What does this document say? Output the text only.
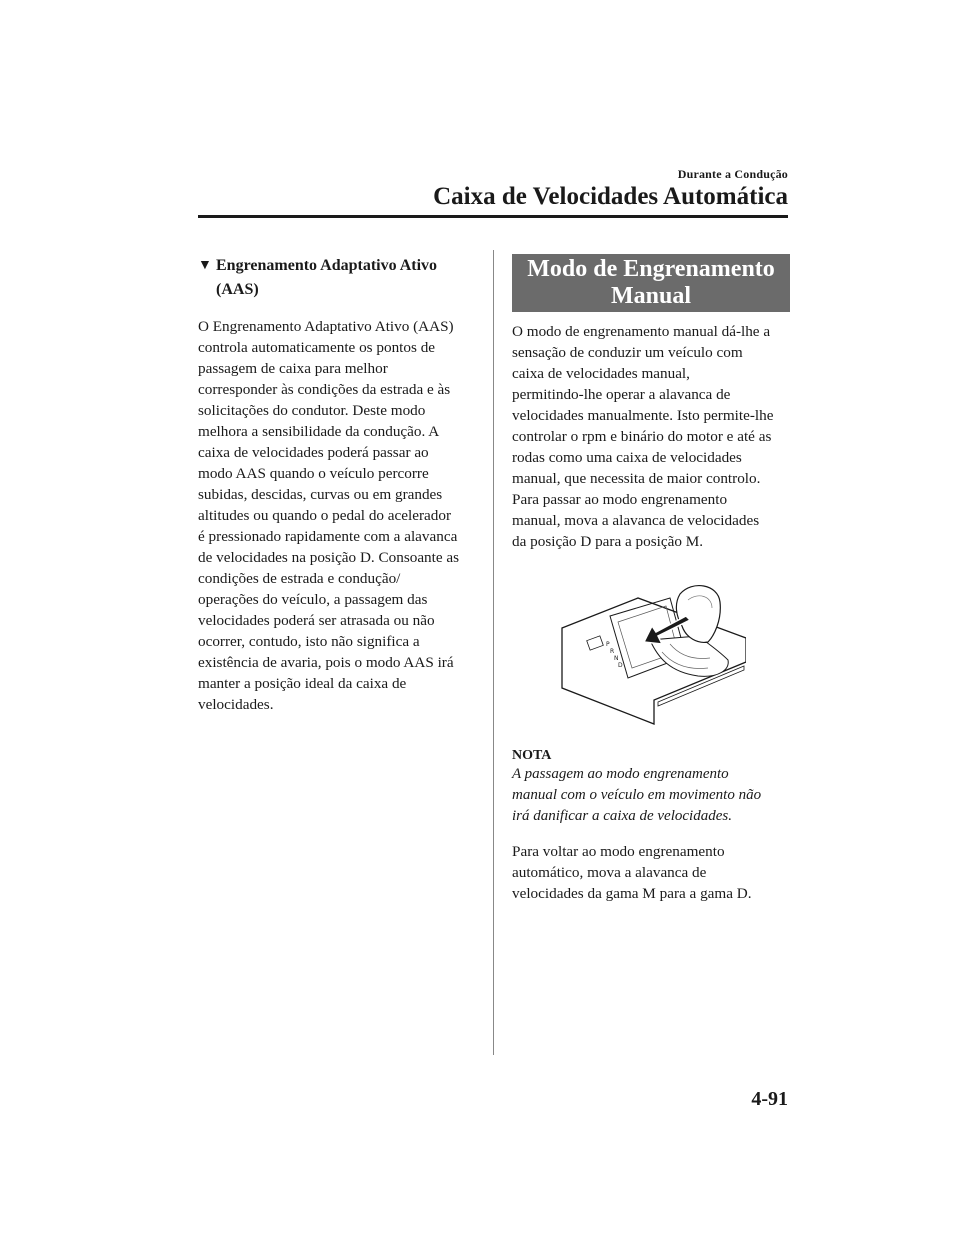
Durante a Condução
Caixa de Velocidades Automática
▼ Engrenamento Adaptativo Ativo
(AAS)

O Engrenamento Adaptativo Ativo (AAS)
controla automaticamente os pontos de
passagem de caixa para melhor
corresponder às condições da estrada e às
solicitações do condutor. Deste modo
melhora a sensibilidade da condução. A
caixa de velocidades poderá passar ao
modo AAS quando o veículo percorre
subidas, descidas, curvas ou em grandes
altitudes ou quando o pedal do acelerador
é pressionado rapidamente com a alavanca
de velocidades na posição D. Consoante as
condições de estrada e condução/
operações do veículo, a passagem das
velocidades poderá ser atrasada ou não
ocorrer, contudo, isto não significa a
existência de avaria, pois o modo AAS irá
manter a posição ideal da caixa de
velocidades.

Modo de Engrenamento
Manual

O modo de engrenamento manual dá-lhe a
sensação de conduzir um veículo com
caixa de velocidades manual,
permitindo-lhe operar a alavanca de
velocidades manualmente. Isto permite-lhe
controlar o rpm e binário do motor e até as
rodas como uma caixa de velocidades
manual, que necessita de maior controlo.
Para passar ao modo engrenamento
manual, mova a alavanca de velocidades
da posição D para a posição M.

P
R
N
D
NOTA
A passagem ao modo engrenamento
manual com o veículo em movimento não
irá danificar a caixa de velocidades.

Para voltar ao modo engrenamento
automático, mova a alavanca de
velocidades da gama M para a gama D.

4-91
